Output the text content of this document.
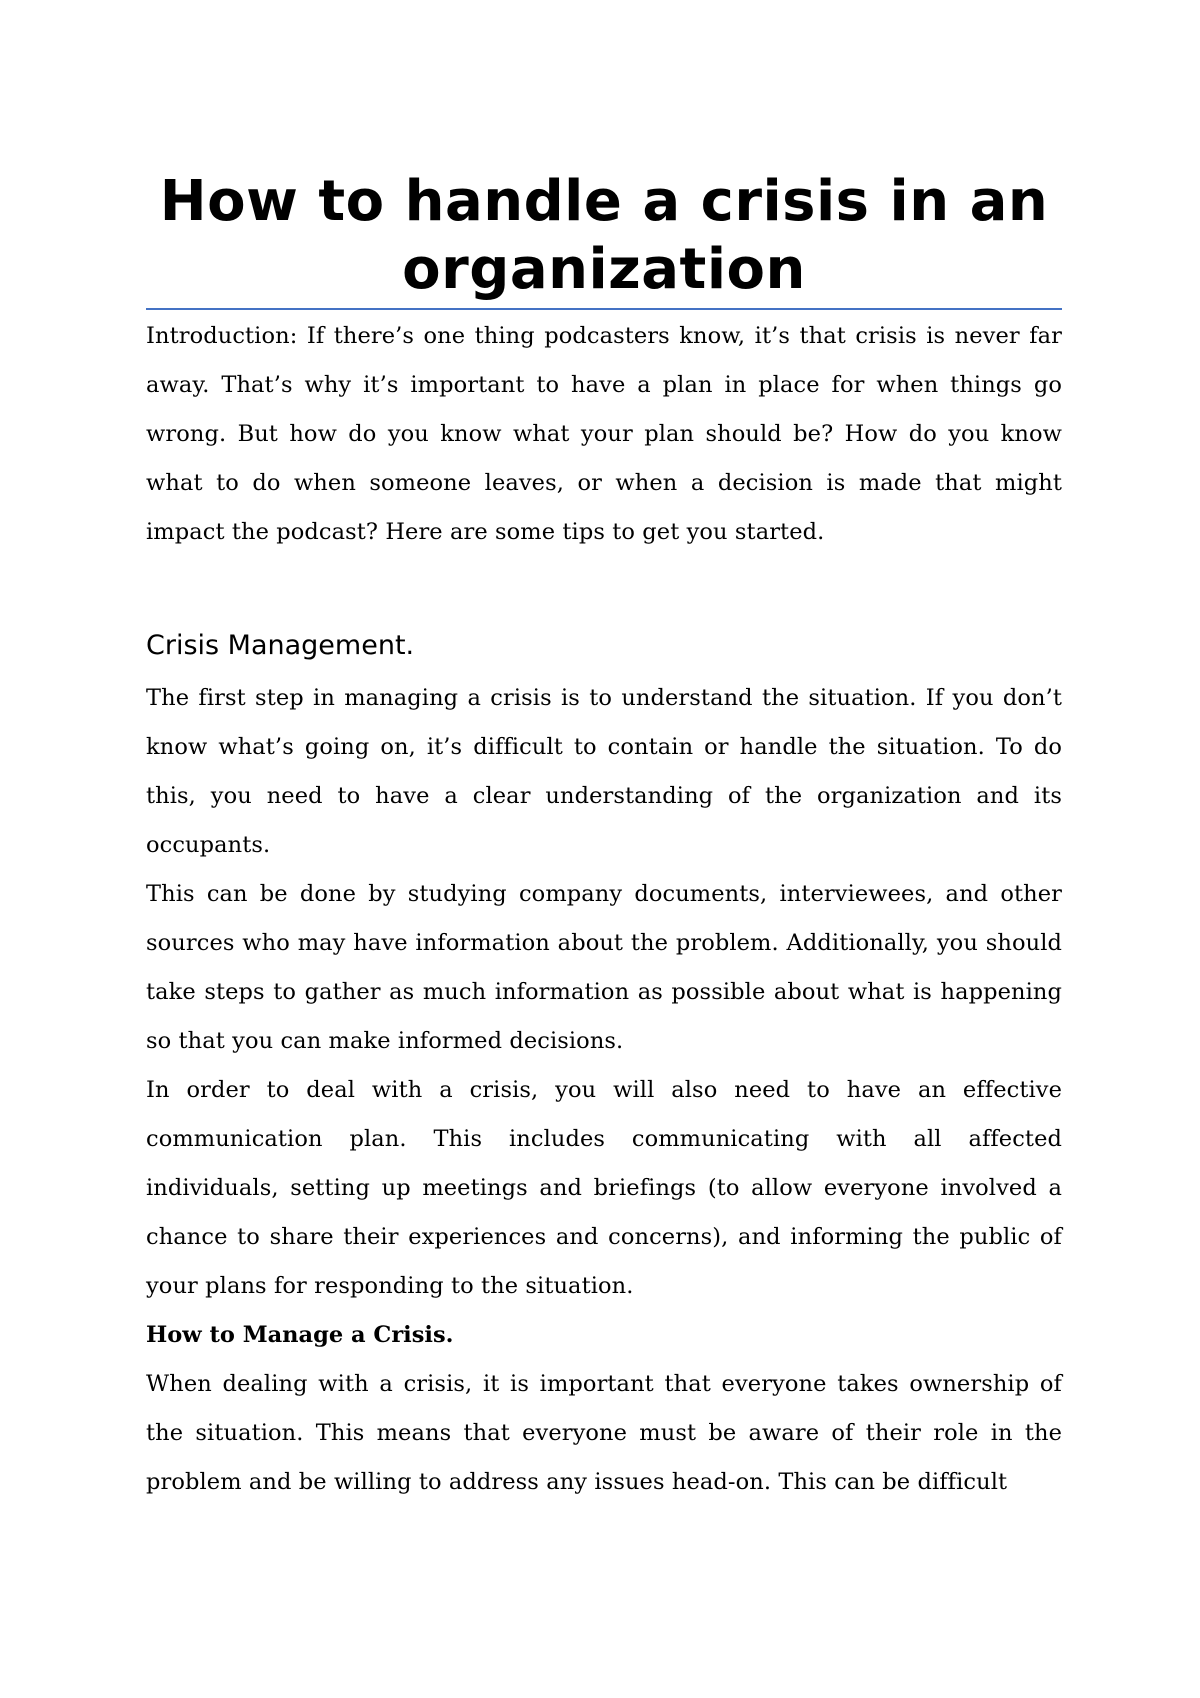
How to handle a crisis in an organization

Introduction: If there’s one thing podcasters know, it’s that crisis is never far away. That’s why it’s important to have a plan in place for when things go wrong. But how do you know what your plan should be? How do you know what to do when someone leaves, or when a decision is made that might impact the podcast? Here are some tips to get you started.

Crisis Management.

The first step in managing a crisis is to understand the situation. If you don’t know what’s going on, it’s difficult to contain or handle the situation. To do this, you need to have a clear understanding of the organization and its occupants.

This can be done by studying company documents, interviewees, and other sources who may have information about the problem. Additionally, you should take steps to gather as much information as possible about what is happening so that you can make informed decisions.

In order to deal with a crisis, you will also need to have an effective communication plan. This includes communicating with all affected individuals, setting up meetings and briefings (to allow everyone involved a chance to share their experiences and concerns), and informing the public of your plans for responding to the situation.

How to Manage a Crisis.

When dealing with a crisis, it is important that everyone takes ownership of the situation. This means that everyone must be aware of their role in the problem and be willing to address any issues head-on. This can be difficult
